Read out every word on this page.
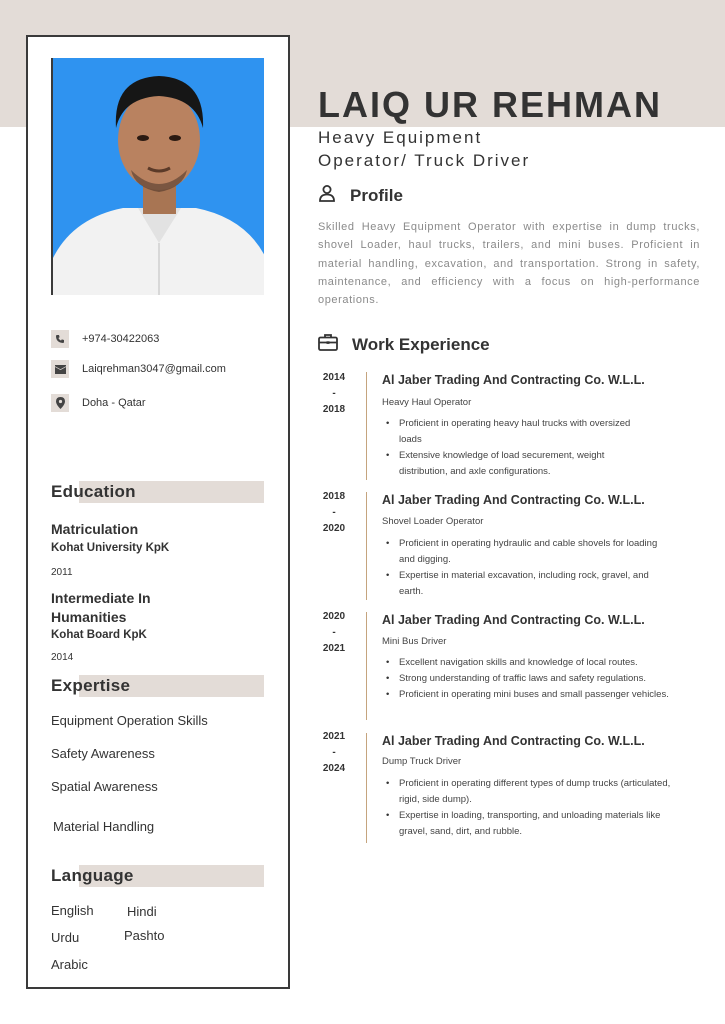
+974-30422063
Laiqrehman3047@gmail.com
Doha - Qatar
Education
Matriculation
Kohat University KpK
2011
Intermediate In Humanities
Kohat Board KpK
2014
Expertise
Equipment Operation Skills
Safety Awareness
Spatial Awareness
Material Handling
Language
English	Hindi
Urdu	Pashto
Arabic
LAIQ UR REHMAN
Heavy Equipment
Operator/ Truck Driver
Profile
Skilled Heavy Equipment Operator with expertise in dump trucks, shovel Loader, haul trucks, trailers, and mini buses. Proficient in material handling, excavation, and transportation. Strong in safety, maintenance, and efficiency with a focus on high-performance operations.
Work Experience
2014
-
2018
Al Jaber Trading And Contracting Co. W.L.L.
Heavy Haul Operator
• Proficient in operating heavy haul trucks with oversized loads
• Extensive knowledge of load securement, weight distribution, and axle configurations.
2018
-
2020
Al Jaber Trading And Contracting Co. W.L.L.
Shovel Loader Operator
• Proficient in operating hydraulic and cable shovels for loading and digging.
• Expertise in material excavation, including rock, gravel, and earth.
2020
-
2021
Al Jaber Trading And Contracting Co. W.L.L.
Mini Bus Driver
• Excellent navigation skills and knowledge of local routes.
• Strong understanding of traffic laws and safety regulations.
• Proficient in operating mini buses and small passenger vehicles.
2021
-
2024
Al Jaber Trading And Contracting Co. W.L.L.
Dump Truck Driver
• Proficient in operating different types of dump trucks (articulated, rigid, side dump).
• Expertise in loading, transporting, and unloading materials like gravel, sand, dirt, and rubble.
